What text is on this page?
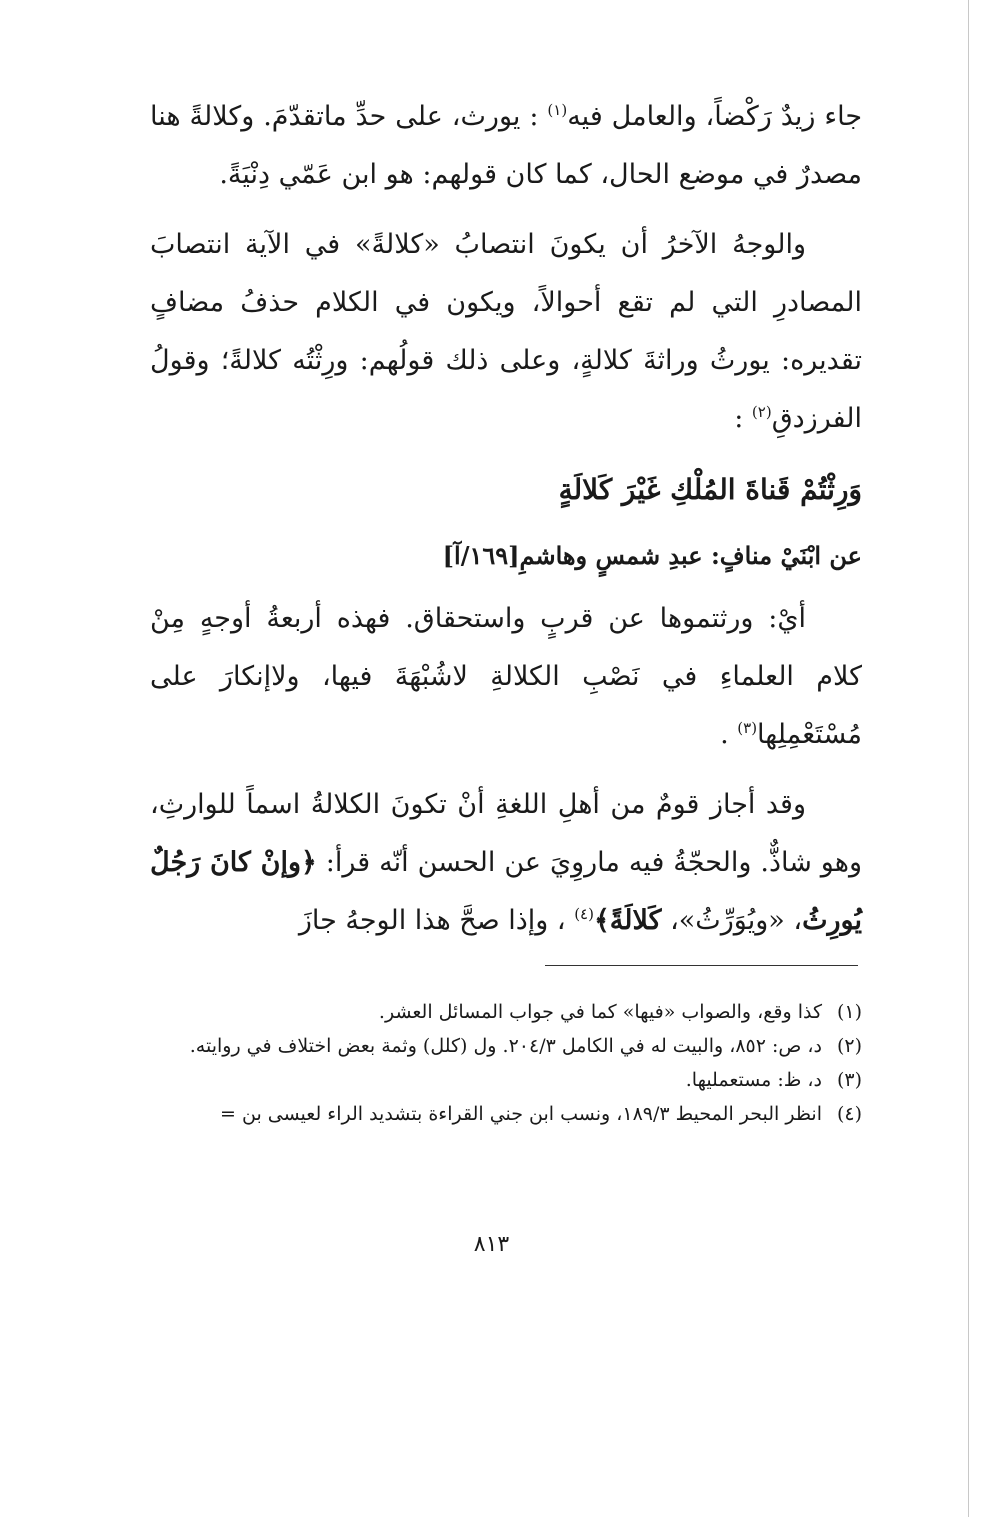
جاء زيدٌ رَكْضاً، والعامل فيه$^{(١)}$ : يورث، على حدِّ ماتقدّمَ. وكلالةً هنا مصدرٌ في موضع الحال، كما كان قولهم: هو ابن عَمّي دِنْيَةً.

والوجهُ الآخرُ أن يكونَ انتصابُ «كلالةً» في الآية انتصابَ المصادرِ التي لم تقع أحوالاً، ويكون في الكلام حذفُ مضافٍ تقديره: يورثُ وراثةَ كلالةٍ، وعلى ذلك قولُهم: ورِثْتُه كلالةً؛ وقولُ الفرزدقِ$^{(٢)}$ :

وَرِثْتُمْ قَناةَ المُلْكِ غَيْرَ كَلالَةٍ
عن ابْنَيْ منافٍ: عبدِ شمسٍ وهاشمِ[١٦٩/آ]

أيْ: ورثتموها عن قربٍ واستحقاق. فهذه أربعةُ أوجهٍ مِنْ كلام العلماءِ في نَصْبِ الكلالةِ لاشُبْهَةَ فيها، ولاإنكارَ على مُسْتَعْمِلِها$^{(٣)}$ .

وقد أجاز قومٌ من أهلِ اللغةِ أنْ تكونَ الكلالةُ اسماً للوارثِ، وهو شاذٌّ. والحجّةُ فيه ماروِيَ عن الحسن أنّه قرأ: ﴿وإنْ كانَ رَجُلٌ يُورِثُ، «ويُوَرِّثُ»، كَلالَةً﴾$^{(٤)}$ ، وإذا صحَّ هذا الوجهُ جازَ

(١)
كذا وقع، والصواب «فيها» كما في جواب المسائل العشر.
(٢)
د، ص: ٨٥٢، والبيت له في الكامل ٢٠٤/٣. ول (كلل) وثمة بعض اختلاف في روايته.
(٣)
د، ظ: مستعمليها.
(٤)
انظر البحر المحيط ١٨٩/٣، ونسب ابن جني القراءة بتشديد الراء لعيسى بن =
٨١٣
